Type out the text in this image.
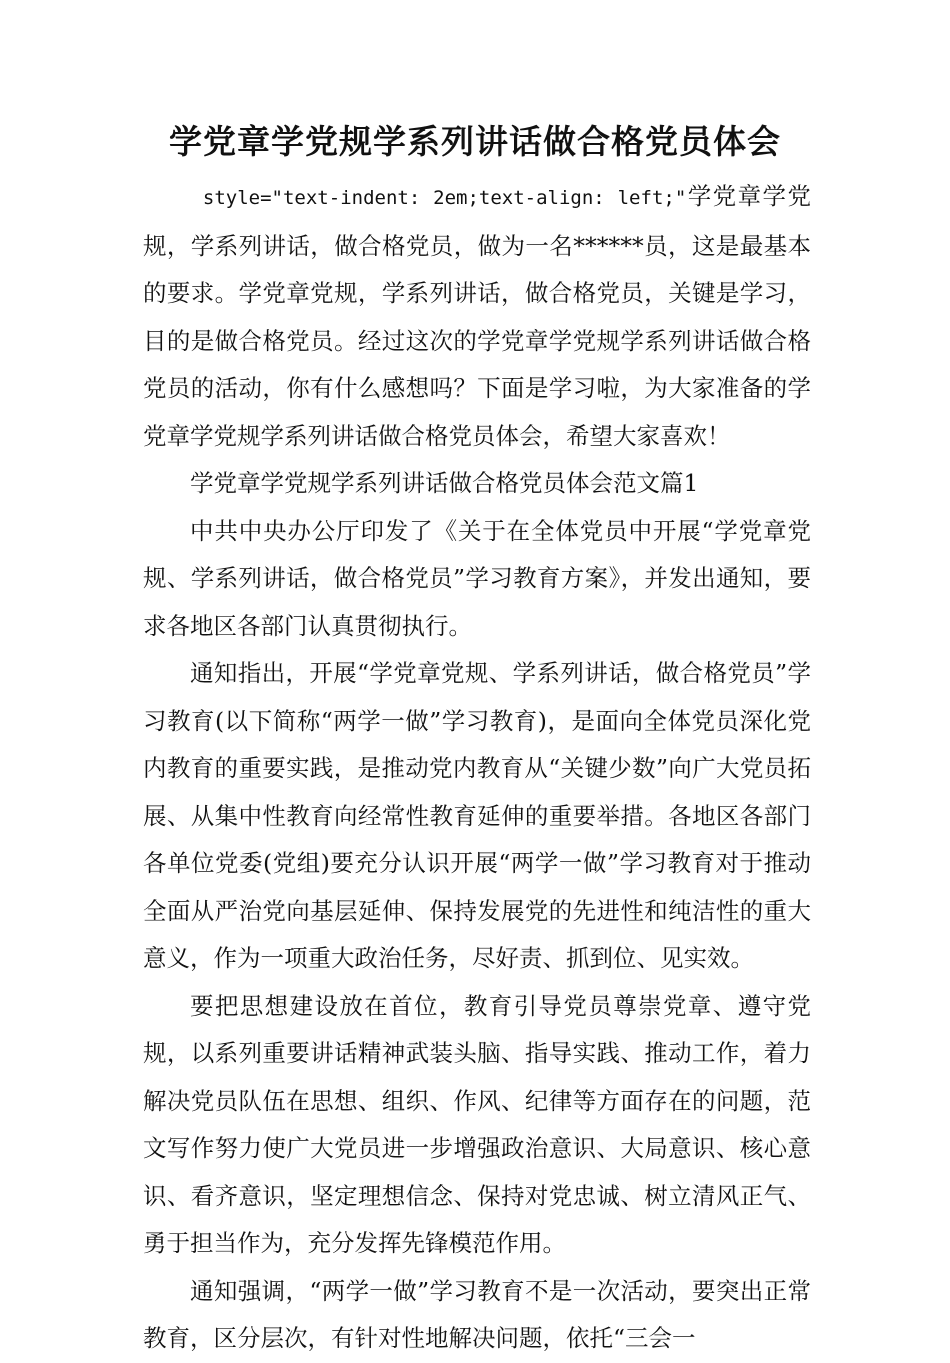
学党章学党规学系列讲话做合格党员体会

style="text-indent: 2em;text-align: left;"学党章学党规，学系列讲话，做合格党员，做为一名******员，这是最基本的要求。学党章党规，学系列讲话，做合格党员，关键是学习，目的是做合格党员。经过这次的学党章学党规学系列讲话做合格党员的活动，你有什么感想吗？下面是学习啦，为大家准备的学党章学党规学系列讲话做合格党员体会，希望大家喜欢！

学党章学党规学系列讲话做合格党员体会范文篇1

中共中央办公厅印发了《关于在全体党员中开展“学党章党规、学系列讲话，做合格党员”学习教育方案》，并发出通知，要求各地区各部门认真贯彻执行。

通知指出，开展“学党章党规、学系列讲话，做合格党员”学习教育(以下简称“两学一做”学习教育)，是面向全体党员深化党内教育的重要实践，是推动党内教育从“关键少数”向广大党员拓展、从集中性教育向经常性教育延伸的重要举措。各地区各部门各单位党委(党组)要充分认识开展“两学一做”学习教育对于推动全面从严治党向基层延伸、保持发展党的先进性和纯洁性的重大意义，作为一项重大政治任务，尽好责、抓到位、见实效。

要把思想建设放在首位，教育引导党员尊崇党章、遵守党规，以系列重要讲话精神武装头脑、指导实践、推动工作，着力解决党员队伍在思想、组织、作风、纪律等方面存在的问题，范文写作努力使广大党员进一步增强政治意识、大局意识、核心意识、看齐意识，坚定理想信念、保持对党忠诚、树立清风正气、勇于担当作为，充分发挥先锋模范作用。

通知强调，“两学一做”学习教育不是一次活动，要突出正常教育，区分层次，有针对性地解决问题，依托“三会一
